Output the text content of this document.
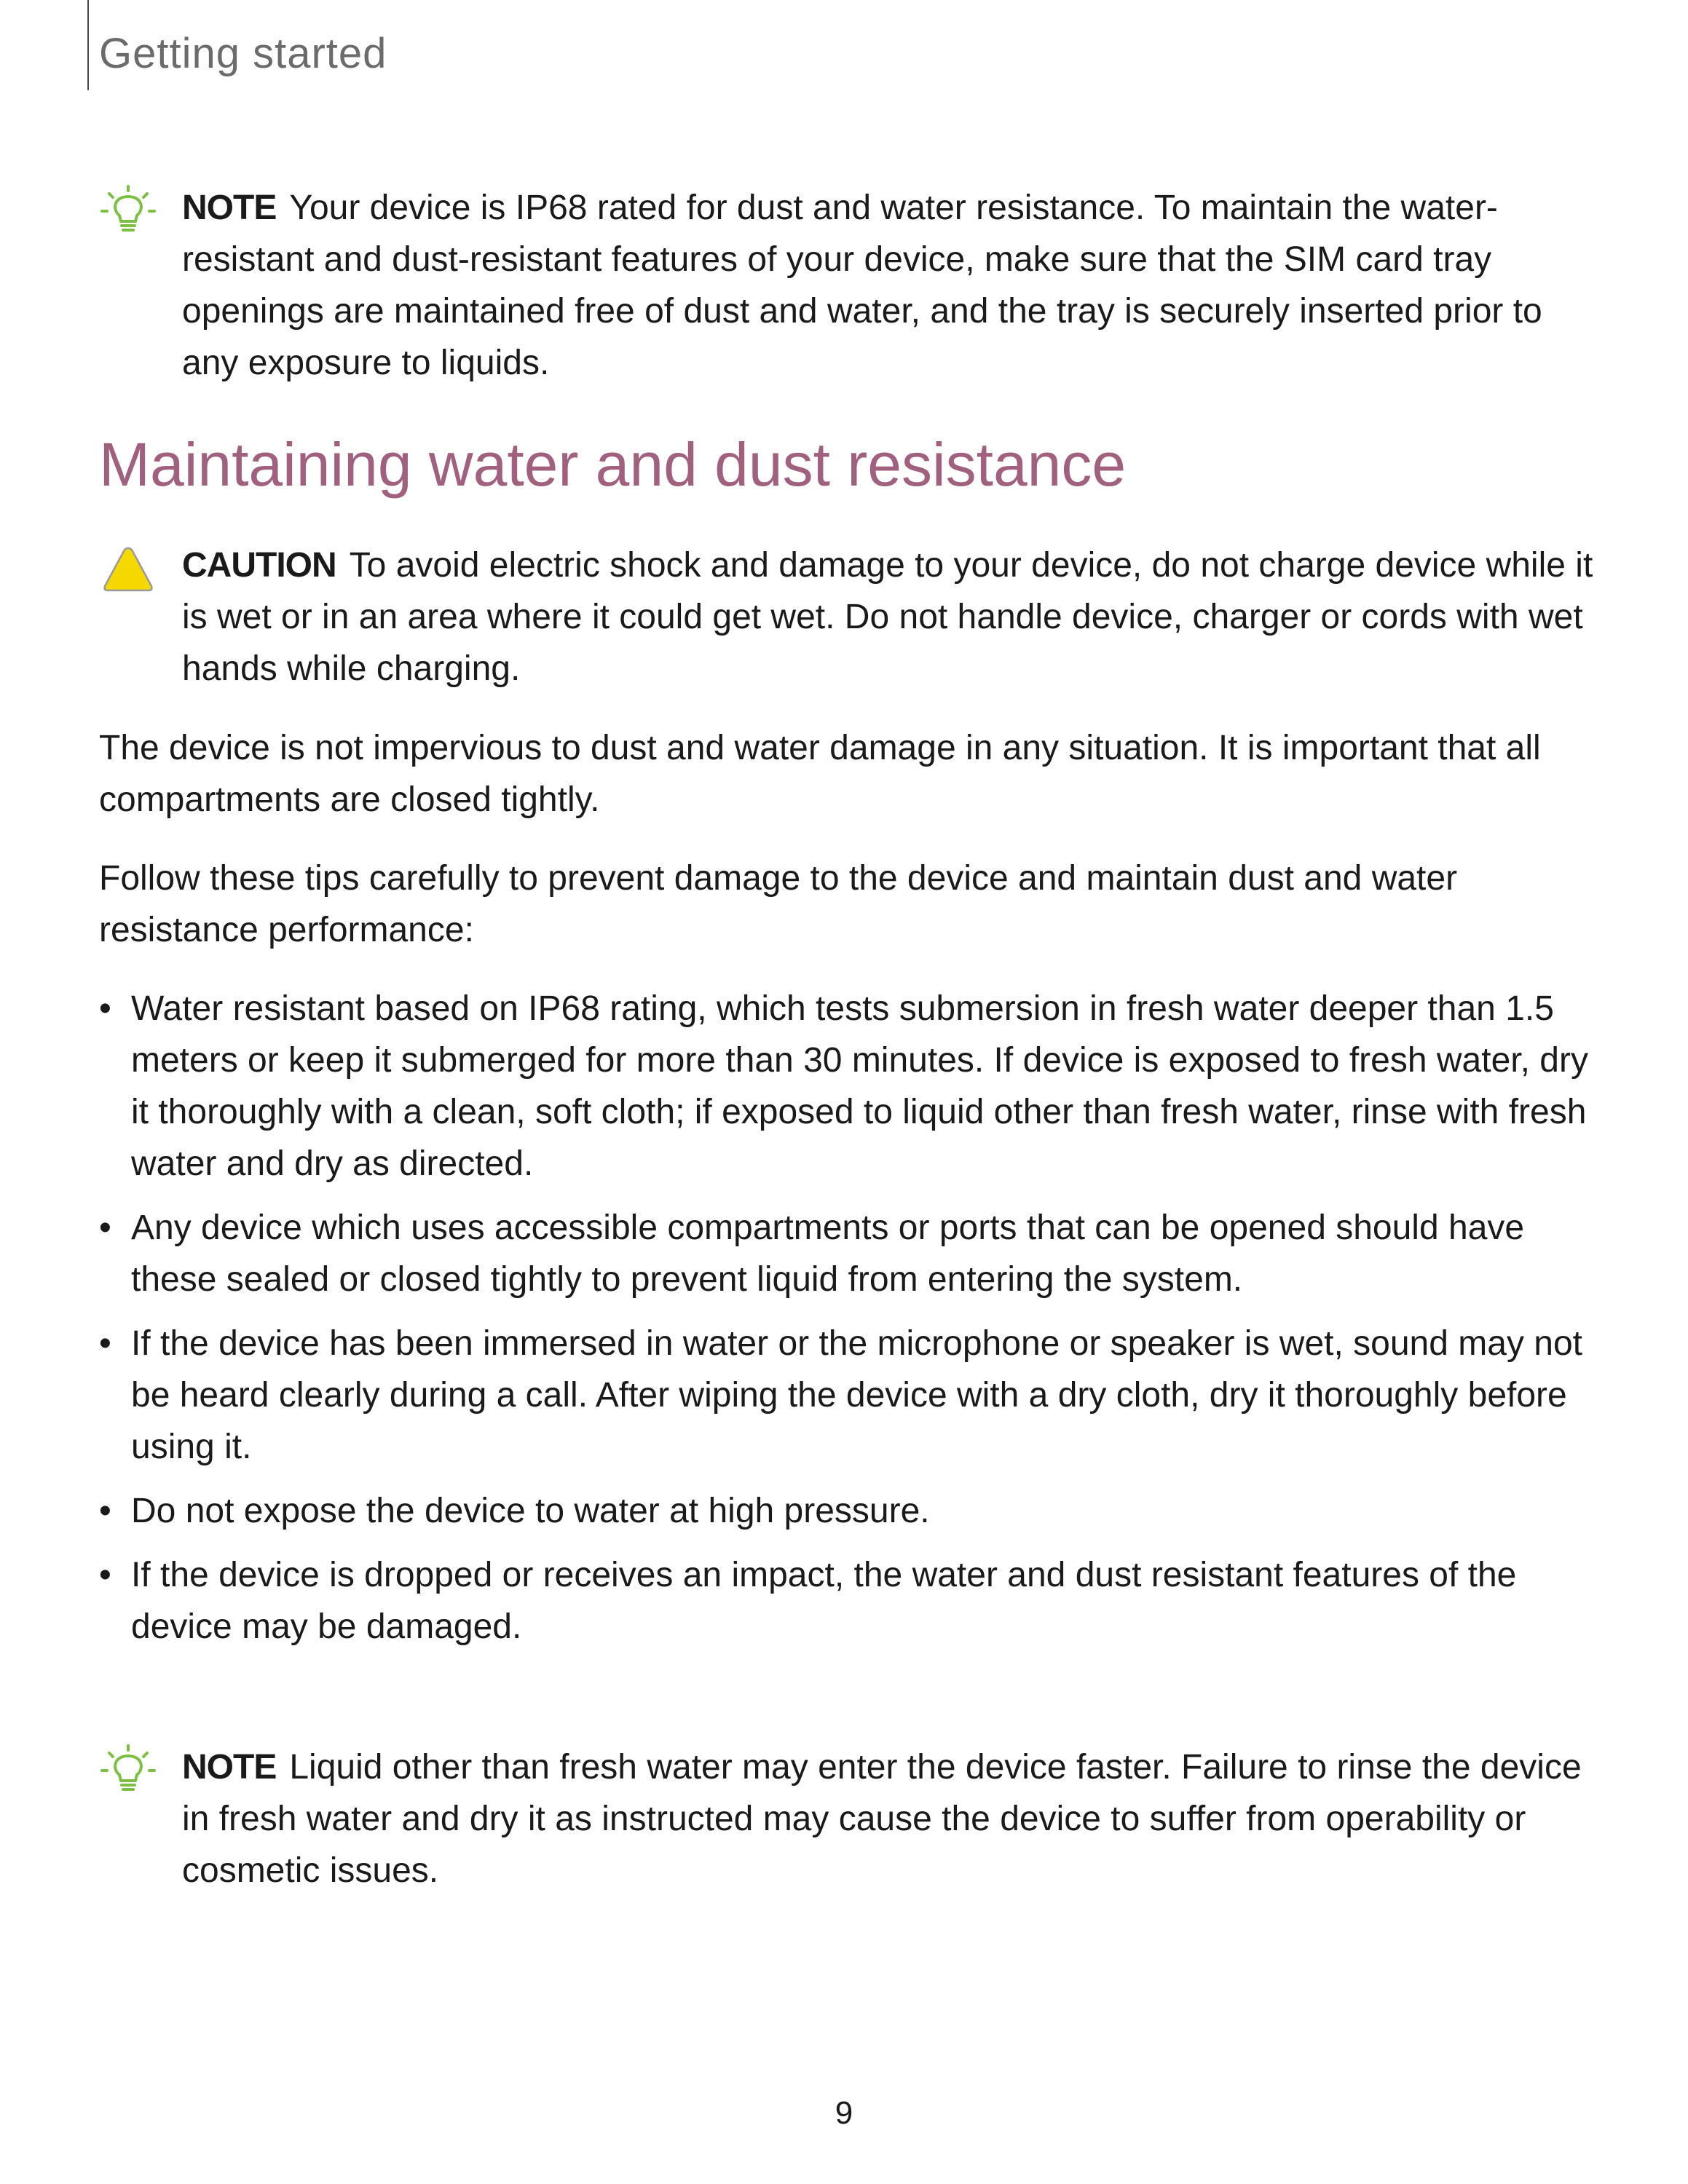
Getting started
NOTE Your device is IP68 rated for dust and water resistance. To maintain the water-resistant and dust-resistant features of your device, make sure that the SIM card tray openings are maintained free of dust and water, and the tray is securely inserted prior to any exposure to liquids.
Maintaining water and dust resistance
CAUTION To avoid electric shock and damage to your device, do not charge device while it is wet or in an area where it could get wet. Do not handle device, charger or cords with wet hands while charging.

The device is not impervious to dust and water damage in any situation. It is important that all compartments are closed tightly.

Follow these tips carefully to prevent damage to the device and maintain dust and water resistance performance:

• Water resistant based on IP68 rating, which tests submersion in fresh water deeper than 1.5 meters or keep it submerged for more than 30 minutes. If device is exposed to fresh water, dry it thoroughly with a clean, soft cloth; if exposed to liquid other than fresh water, rinse with fresh water and dry as directed.
• Any device which uses accessible compartments or ports that can be opened should have these sealed or closed tightly to prevent liquid from entering the system.
• If the device has been immersed in water or the microphone or speaker is wet, sound may not be heard clearly during a call. After wiping the device with a dry cloth, dry it thoroughly before using it.
• Do not expose the device to water at high pressure.
• If the device is dropped or receives an impact, the water and dust resistant features of the device may be damaged.
NOTE Liquid other than fresh water may enter the device faster. Failure to rinse the device in fresh water and dry it as instructed may cause the device to suffer from operability or cosmetic issues.
9
